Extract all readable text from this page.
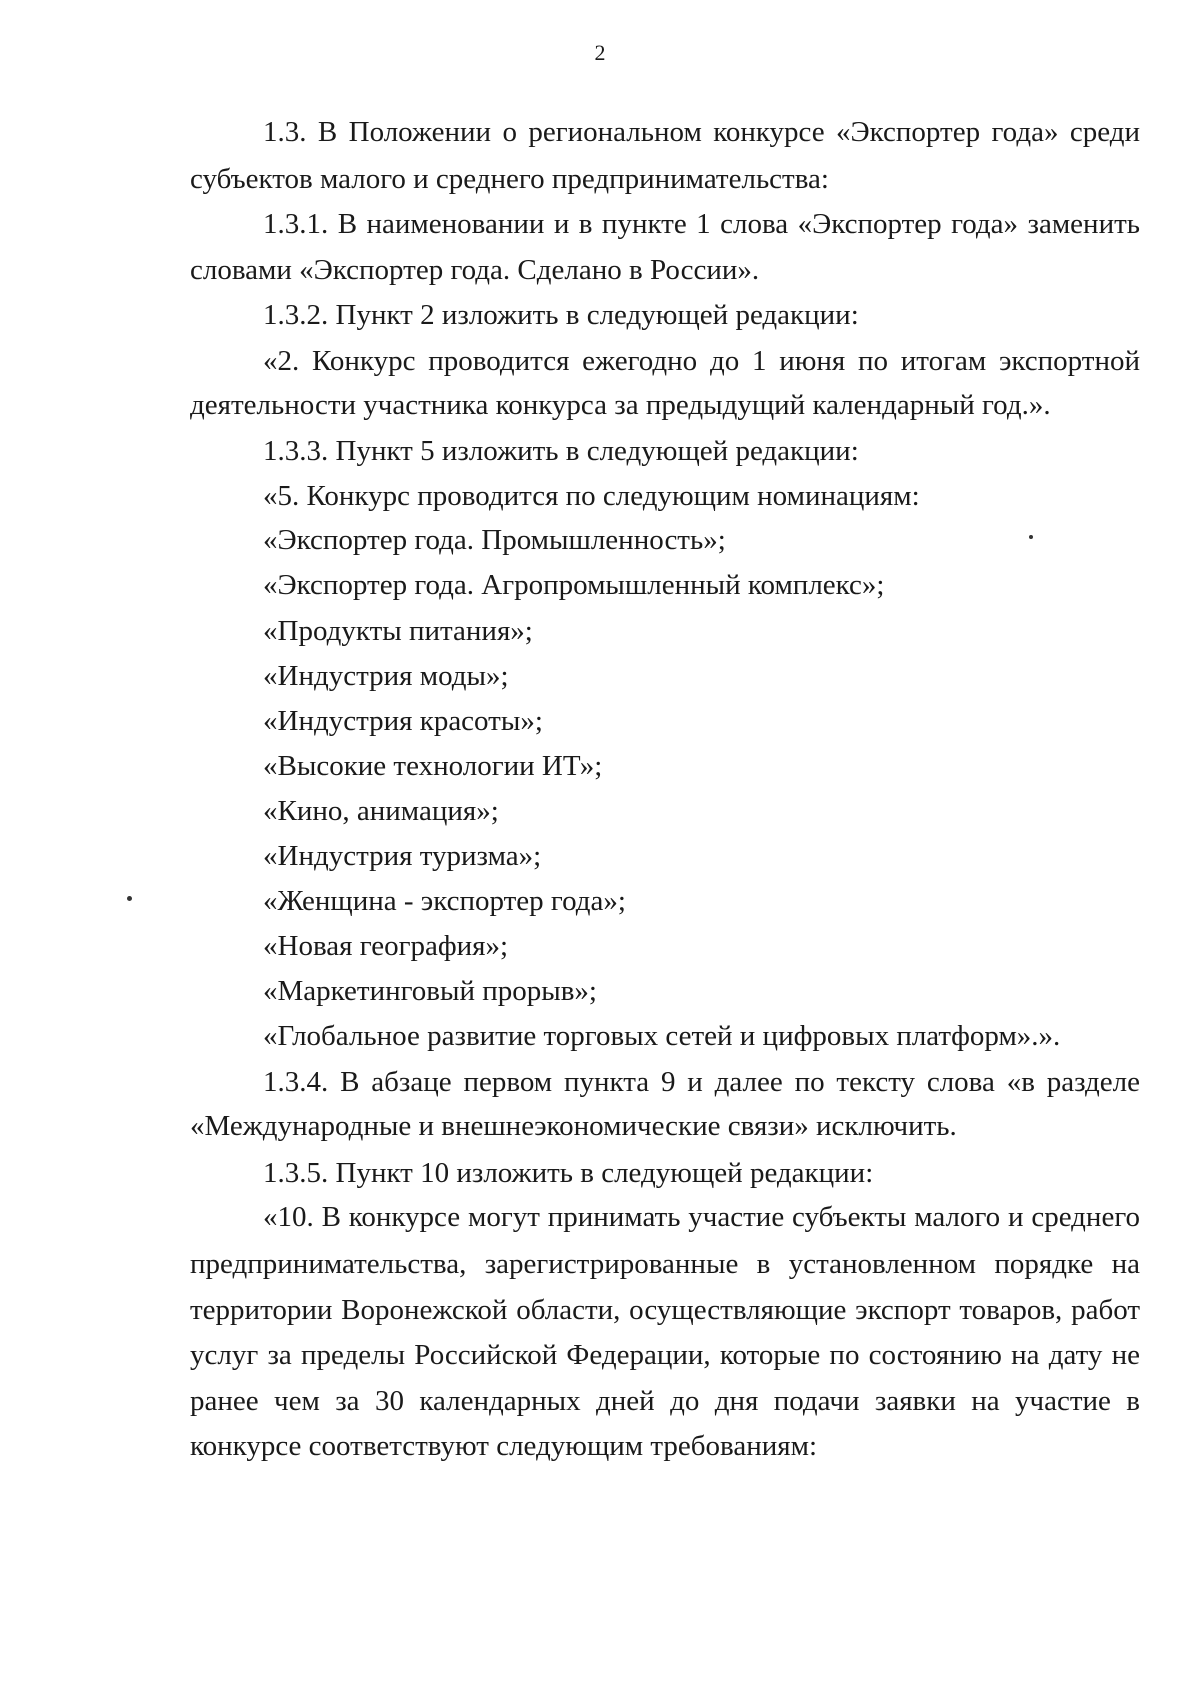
2
1.3. В Положении о региональном конкурсе «Экспортер года» среди
субъектов малого и среднего предпринимательства:
1.3.1. В наименовании и в пункте 1 слова «Экспортер года» заменить
словами «Экспортер года. Сделано в России».
1.3.2. Пункт 2 изложить в следующей редакции:
«2. Конкурс проводится ежегодно до 1 июня по итогам экспортной
деятельности участника конкурса за предыдущий календарный год.».
1.3.3. Пункт 5 изложить в следующей редакции:
«5. Конкурс проводится по следующим номинациям:
«Экспортер года. Промышленность»;
«Экспортер года. Агропромышленный комплекс»;
«Продукты питания»;
«Индустрия моды»;
«Индустрия красоты»;
«Высокие технологии ИТ»;
«Кино, анимация»;
«Индустрия туризма»;
«Женщина - экспортер года»;
«Новая география»;
«Маркетинговый прорыв»;
«Глобальное развитие торговых сетей и цифровых платформ».».
1.3.4. В абзаце первом пункта 9 и далее по тексту слова «в разделе
«Международные и внешнеэкономические связи» исключить.
1.3.5. Пункт 10 изложить в следующей редакции:
«10. В конкурсе могут принимать участие субъекты малого и среднего
предпринимательства, зарегистрированные в установленном порядке на
территории Воронежской области, осуществляющие экспорт товаров, работ
услуг за пределы Российской Федерации, которые по состоянию на дату не
ранее чем за 30 календарных дней до дня подачи заявки на участие в
конкурсе соответствуют следующим требованиям:
